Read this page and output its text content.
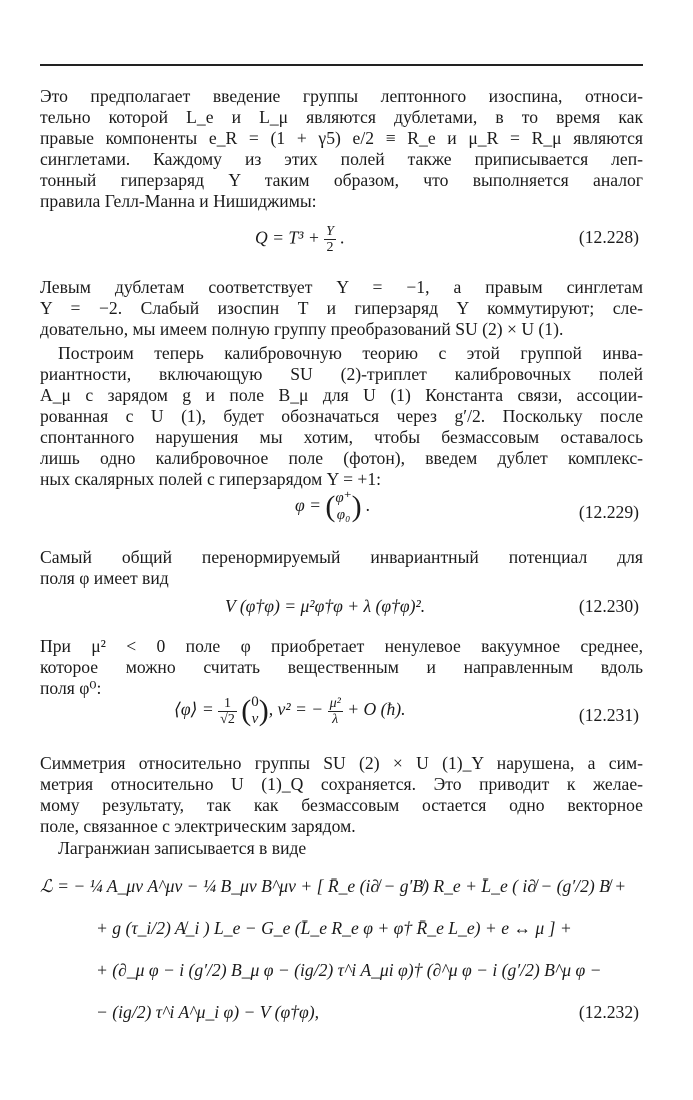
Это предполагает введение группы лептонного изоспина, относи-
тельно которой L_e и L_μ являются дублетами, в то время как
правые компоненты e_R = (1 + γ5) e/2 ≡ R_e и μ_R = R_μ являются
синглетами. Каждому из этих полей также приписывается леп-
тонный гиперзаряд Y таким образом, что выполняется аналог
правила Гелл-Манна и Нишиджимы:
$Q = T^3 + \frac{Y}{2}$ .	(12.228)
Левым дублетам соответствует Y = −1, а правым синглетам
Y = −2. Слабый изоспин T и гиперзаряд Y коммутируют; сле-
довательно, мы имеем полную группу преобразований SU (2) × U (1).
Построим теперь калибровочную теорию с этой группой инва-
риантности, включающую SU (2)-триплет калибровочных полей
A_μ с зарядом g и поле B_μ для U (1) Константа связи, ассоции-
рованная с U (1), будет обозначаться через g′/2. Поскольку после
спонтанного нарушения мы хотим, чтобы безмассовым оставалось
лишь одно калибровочное поле (фотон), введем дублет комплекс-
ных скалярных полей с гиперзарядом Y = +1:
φ = ( φ⁺
φ₀ ) .	(12.229)
Самый общий перенормируемый инвариантный потенциал для
поля φ имеет вид
V (φ†φ) = μ²φ†φ + λ (φ†φ)².	(12.230)
При μ² < 0 поле φ приобретает ненулевое вакуумное среднее,
которое можно считать вещественным и направленным вдоль
поля φ⁰:
⟨φ⟩ = $\frac{1}{√2}$ ( 0
v ), v² = − $\frac{\text{μ²}}{\lambda} + O$ (ħ).	(12.231)
Симметрия относительно группы SU (2) × U (1)_Y нарушена, а сим-
метрия относительно U (1)_Q сохраняется. Это приводит к желае-
мому результату, так как безмассовым остается одно векторное
поле, связанное с электрическим зарядом.
Лагранжиан записывается в виде
ℒ = − ¼ A_μν A^μν − ¼ B_μν B^μν + [ R̄_e (i∂̸ − g′B̸) R_e + L̄_e ( i∂̸ − (g′/2) B̸ +
+ g (τ_i/2) A̸_i ) L_e − G_e (L̄_e R_e φ + φ† R̄_e L_e) + e ↔ μ ] +
+ (∂_μ φ − i (g′/2) B_μ φ − (ig/2) τ^i A_μi φ)† (∂^μ φ − i (g′/2) B^μ φ −
− (ig/2) τ^i A^μ_i φ) − V (φ†φ),	(12.232)
